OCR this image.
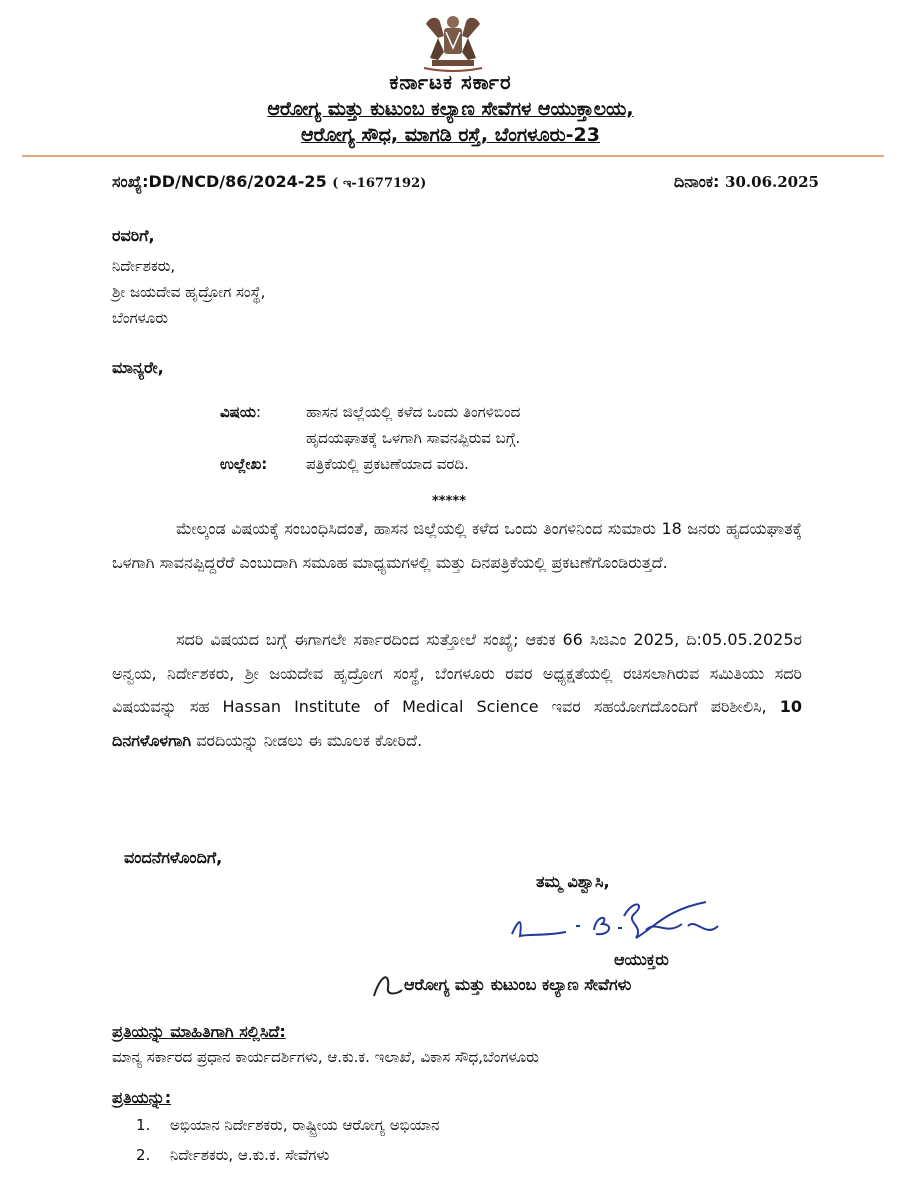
ಕರ್ನಾಟಕ ಸರ್ಕಾರ
ಆರೋಗ್ಯ ಮತ್ತು ಕುಟುಂಬ ಕಲ್ಯಾಣ ಸೇವೆಗಳ ಆಯುಕ್ತಾಲಯ,
ಆರೋಗ್ಯ ಸೌಧ, ಮಾಗಡಿ ರಸ್ತೆ, ಬೆಂಗಳೂರು-23
ಸಂಖ್ಯೆ:DD/NCD/86/2024-25 ( ಇ-1677192)	ದಿನಾಂಕ: 30.06.2025
ರವರಿಗೆ,
ನಿರ್ದೇಶಕರು,
ಶ್ರೀ ಜಯದೇವ ಹೃದ್ರೋಗ ಸಂಸ್ಥೆ,
ಬೆಂಗಳೂರು
ಮಾನ್ಯರೇ,
ವಿಷಯ:	ಹಾಸನ ಜಿಲ್ಲೆಯಲ್ಲಿ ಕಳೆದ ಒಂದು ತಿಂಗಳಿಬಿಂದ
ಹೃದಯಘಾತಕ್ಕೆ ಒಳಗಾಗಿ ಸಾವನಪ್ಪಿರುವ ಬಗ್ಗೆ.
ಉಲ್ಲೇಖ:	ಪತ್ರಿಕೆಯಲ್ಲಿ ಪ್ರಕಟಣೆಯಾದ ವರದಿ.
*****
ಮೇಲ್ಕಂಡ ವಿಷಯಕ್ಕೆ ಸಂಬಂಧಿಸಿದಂತೆ, ಹಾಸನ ಜಿಲ್ಲೆಯಲ್ಲಿ ಕಳೆದ ಒಂದು ತಿಂಗಳಿನಿಂದ ಸುಮಾರು 18 ಜನರು ಹೃದಯಘಾತಕ್ಕೆ ಒಳಗಾಗಿ ಸಾವನಪ್ಪಿದ್ದರೆರೆ ಎಂಬುದಾಗಿ ಸಮೂಹ ಮಾಧ್ಯಮಗಳಲ್ಲಿ ಮತ್ತು ದಿನಪತ್ರಿಕೆಯಲ್ಲಿ ಪ್ರಕಟಣೆಗೊಂಡಿರುತ್ತದೆ.
ಸದರಿ ವಿಷಯದ ಬಗ್ಗೆ ಈಗಾಗಲೇ ಸರ್ಕಾರದಿಂದ ಸುತ್ತೋಲೆ ಸಂಖ್ಯೆ; ಆಕುಕ 66 ಸಿಜಿಎಂ 2025, ದಿ:05.05.2025ರ ಅನ್ವಯ, ನಿರ್ದೇಶಕರು, ಶ್ರೀ ಜಯದೇವ ಹೃದ್ರೋಗ ಸಂಸ್ಥೆ, ಬೆಂಗಳೂರು ರವರ ಅಧ್ಯಕ್ಷತೆಯಲ್ಲಿ ರಚಿಸಲಾಗಿರುವ ಸಮಿತಿಯು ಸದರಿ ವಿಷಯವನ್ನು ಸಹ Hassan Institute of Medical Science ಇವರ ಸಹಯೋಗದೊಂದಿಗೆ ಪರಿಶೀಲಿಸಿ, 10 ದಿನಗಳೊಳಗಾಗಿ ವರದಿಯನ್ನು ನೀಡಲು ಈ ಮೂಲಕ ಕೋರಿದೆ.
ವಂದನೆಗಳೊಂದಿಗೆ,
ತಮ್ಮ ವಿಶ್ವಾಸಿ,
ಆಯುಕ್ತರು
ಆರೋಗ್ಯ ಮತ್ತು ಕುಟುಂಬ ಕಲ್ಯಾಣ ಸೇವೆಗಳು
ಪ್ರತಿಯನ್ನು ಮಾಹಿತಿಗಾಗಿ ಸಲ್ಲಿಸಿದೆ:
ಮಾನ್ಯ ಸರ್ಕಾರದ ಪ್ರಧಾನ ಕಾರ್ಯದರ್ಶಿಗಳು, ಆ.ಕು.ಕ. ಇಲಾಖೆ, ವಿಕಾಸ ಸೌಧ,ಬೆಂಗಳೂರು
ಪ್ರತಿಯನ್ನು:
1. ಅಭಿಯಾನ ನಿರ್ದೇಶಕರು, ರಾಷ್ಟ್ರೀಯ ಆರೋಗ್ಯ ಅಭಿಯಾನ
2. ನಿರ್ದೇಶಕರು, ಆ.ಕು.ಕ. ಸೇವೆಗಳು
